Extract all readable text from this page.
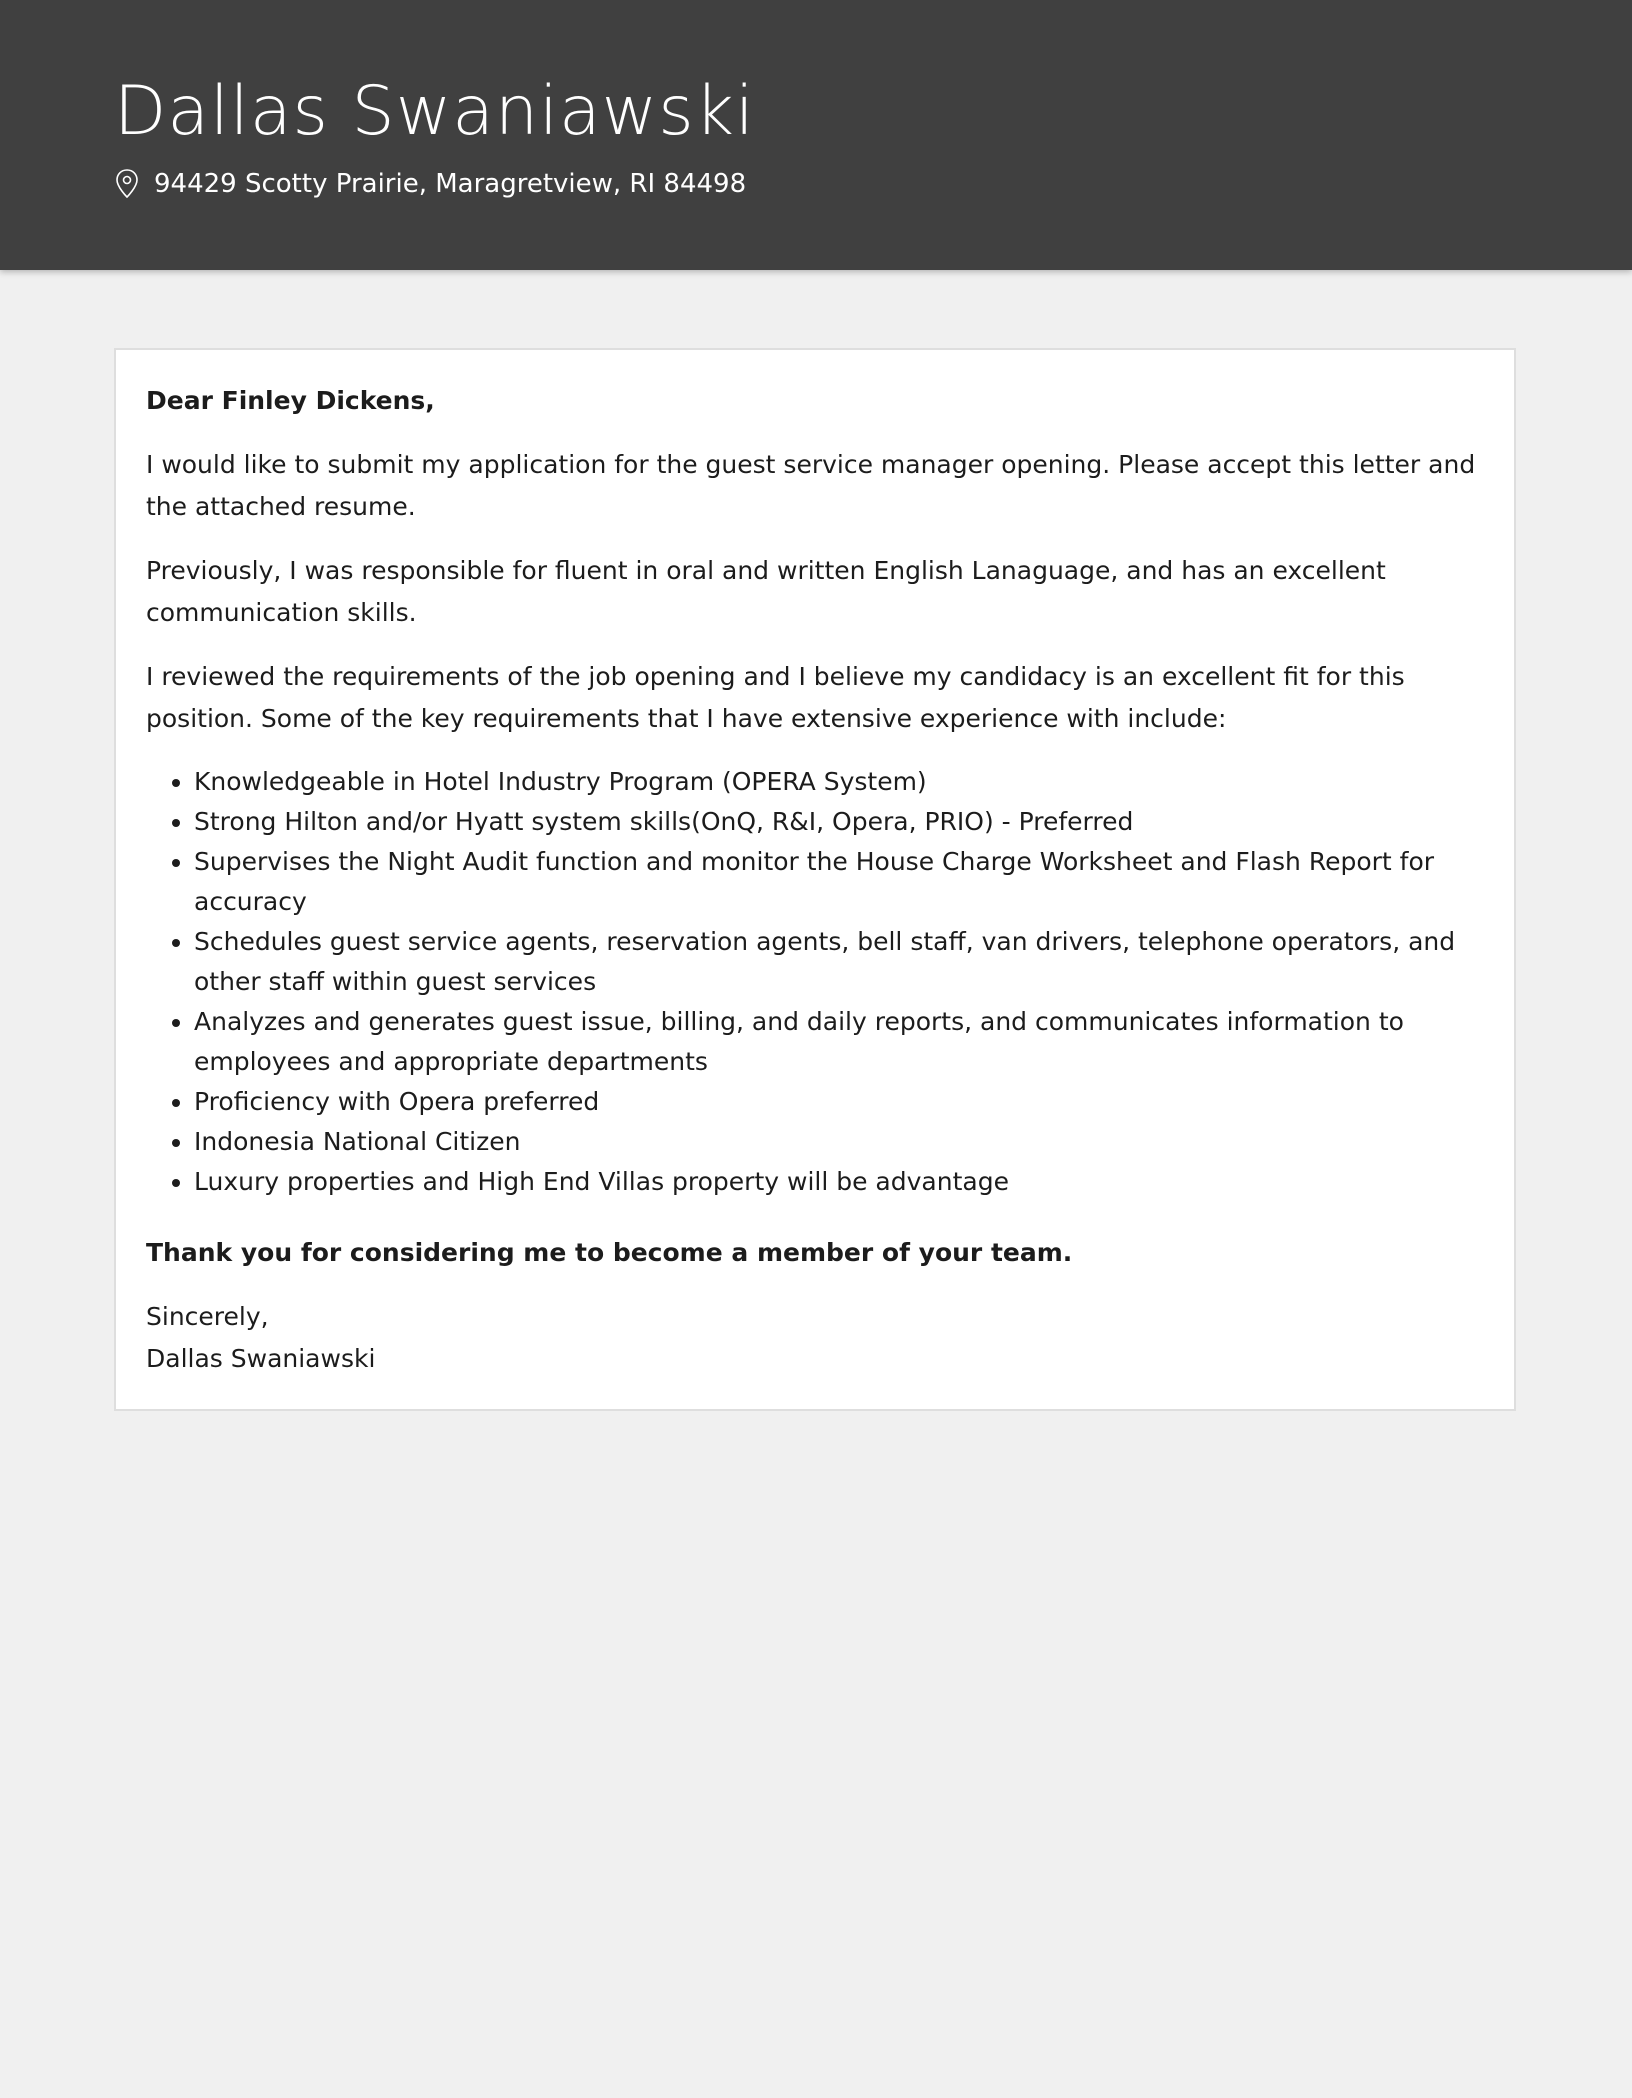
Dallas Swaniawski
94429 Scotty Prairie, Maragretview, RI 84498

Dear Finley Dickens,

I would like to submit my application for the guest service manager opening. Please accept this letter and the attached resume.

Previously, I was responsible for fluent in oral and written English Lanaguage, and has an excellent communication skills.

I reviewed the requirements of the job opening and I believe my candidacy is an excellent fit for this position. Some of the key requirements that I have extensive experience with include:

• Knowledgeable in Hotel Industry Program (OPERA System)
• Strong Hilton and/or Hyatt system skills(OnQ, R&I, Opera, PRIO) - Preferred
• Supervises the Night Audit function and monitor the House Charge Worksheet and Flash Report for accuracy
• Schedules guest service agents, reservation agents, bell staff, van drivers, telephone operators, and other staff within guest services
• Analyzes and generates guest issue, billing, and daily reports, and communicates information to employees and appropriate departments
• Proficiency with Opera preferred
• Indonesia National Citizen
• Luxury properties and High End Villas property will be advantage

Thank you for considering me to become a member of your team.

Sincerely,

Dallas Swaniawski
